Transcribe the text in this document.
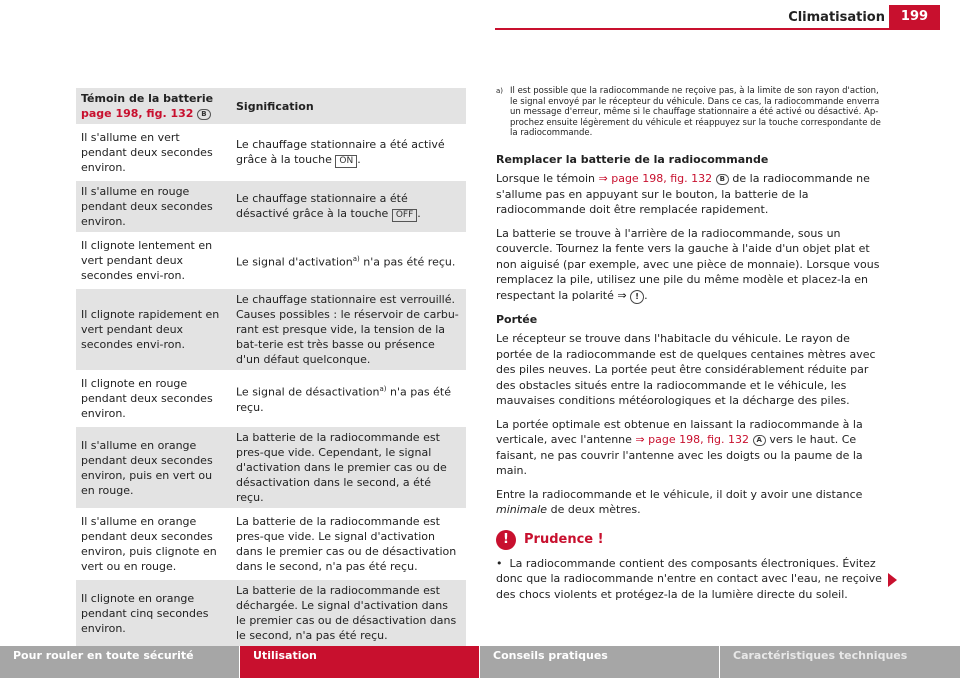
Climatisation	199
Témoin de la batterie
page 198, fig. 132 B	Signification
Il s'allume en vert pendant deux secondes environ.	Le chauffage stationnaire a été activé grâce à la touche ON .
Il s'allume en rouge pendant deux secondes environ.	Le chauffage stationnaire a été désactivé grâce à la touche OFF .
Il clignote lentement en vert pendant deux secondes envi-ron.	Le signal d'activation$^{a)}$ n'a pas été reçu.
Il clignote rapidement en vert pendant deux secondes envi-ron.	Le chauffage stationnaire est verrouillé. Causes possibles : le réservoir de carbu-rant est presque vide, la tension de la bat-terie est très basse ou présence d'un défaut quelconque.
Il clignote en rouge pendant deux secondes environ.	Le signal de désactivation$^{a)}$ n'a pas été reçu.
Il s'allume en orange pendant deux secondes environ, puis en vert ou en rouge.	La batterie de la radiocommande est pres-que vide. Cependant, le signal d'activation dans le premier cas ou de désactivation dans le second, a été reçu.
Il s'allume en orange pendant deux secondes environ, puis clignote en vert ou en rouge.	La batterie de la radiocommande est pres-que vide. Le signal d'activation dans le premier cas ou de désactivation dans le second, n'a pas été reçu.
Il clignote en orange pendant cinq secondes environ.	La batterie de la radiocommande est déchargée. Le signal d'activation dans le premier cas ou de désactivation dans le second, n'a pas été reçu.
a) Il est possible que la radiocommande ne reçoive pas, à la limite de son rayon d'action, le signal envoyé par le récepteur du véhicule. Dans ce cas, la radiocommande enverra un message d'erreur, même si le chauffage stationnaire a été activé ou désactivé. Ap-prochez ensuite légèrement du véhicule et réappuyez sur la touche correspondante de la radiocommande.
Remplacer la batterie de la radiocommande

Lorsque le témoin ⇒ page 198, fig. 132 B de la radiocommande ne s'allume pas en appuyant sur le bouton, la batterie de la radiocommande doit être remplacée rapidement.

La batterie se trouve à l'arrière de la radiocommande, sous un couvercle. Tournez la fente vers la gauche à l'aide d'un objet plat et non aiguisé (par exemple, avec une pièce de monnaie). Lorsque vous remplacez la pile, utilisez une pile du même modèle et placez-la en respectant la polarité ⇒ ! .

Portée

Le récepteur se trouve dans l'habitacle du véhicule. Le rayon de portée de la radiocommande est de quelques centaines mètres avec des piles neuves. La portée peut être considérablement réduite par des obstacles situés entre la radiocommande et le véhicule, les mauvaises conditions météorologiques et la décharge des piles.

La portée optimale est obtenue en laissant la radiocommande à la verticale, avec l'antenne ⇒ page 198, fig. 132 A vers le haut. Ce faisant, ne pas couvrir l'antenne avec les doigts ou la paume de la main.

Entre la radiocommande et le véhicule, il doit y avoir une distance minimale de deux mètres.

!	Prudence !
• La radiocommande contient des composants électroniques. Évitez donc que la radiocommande n'entre en contact avec l'eau, ne reçoive des chocs violents et protégez-la de la lumière directe du soleil.
Pour rouler en toute sécurité	Utilisation	Conseils pratiques	Caractéristiques techniques
